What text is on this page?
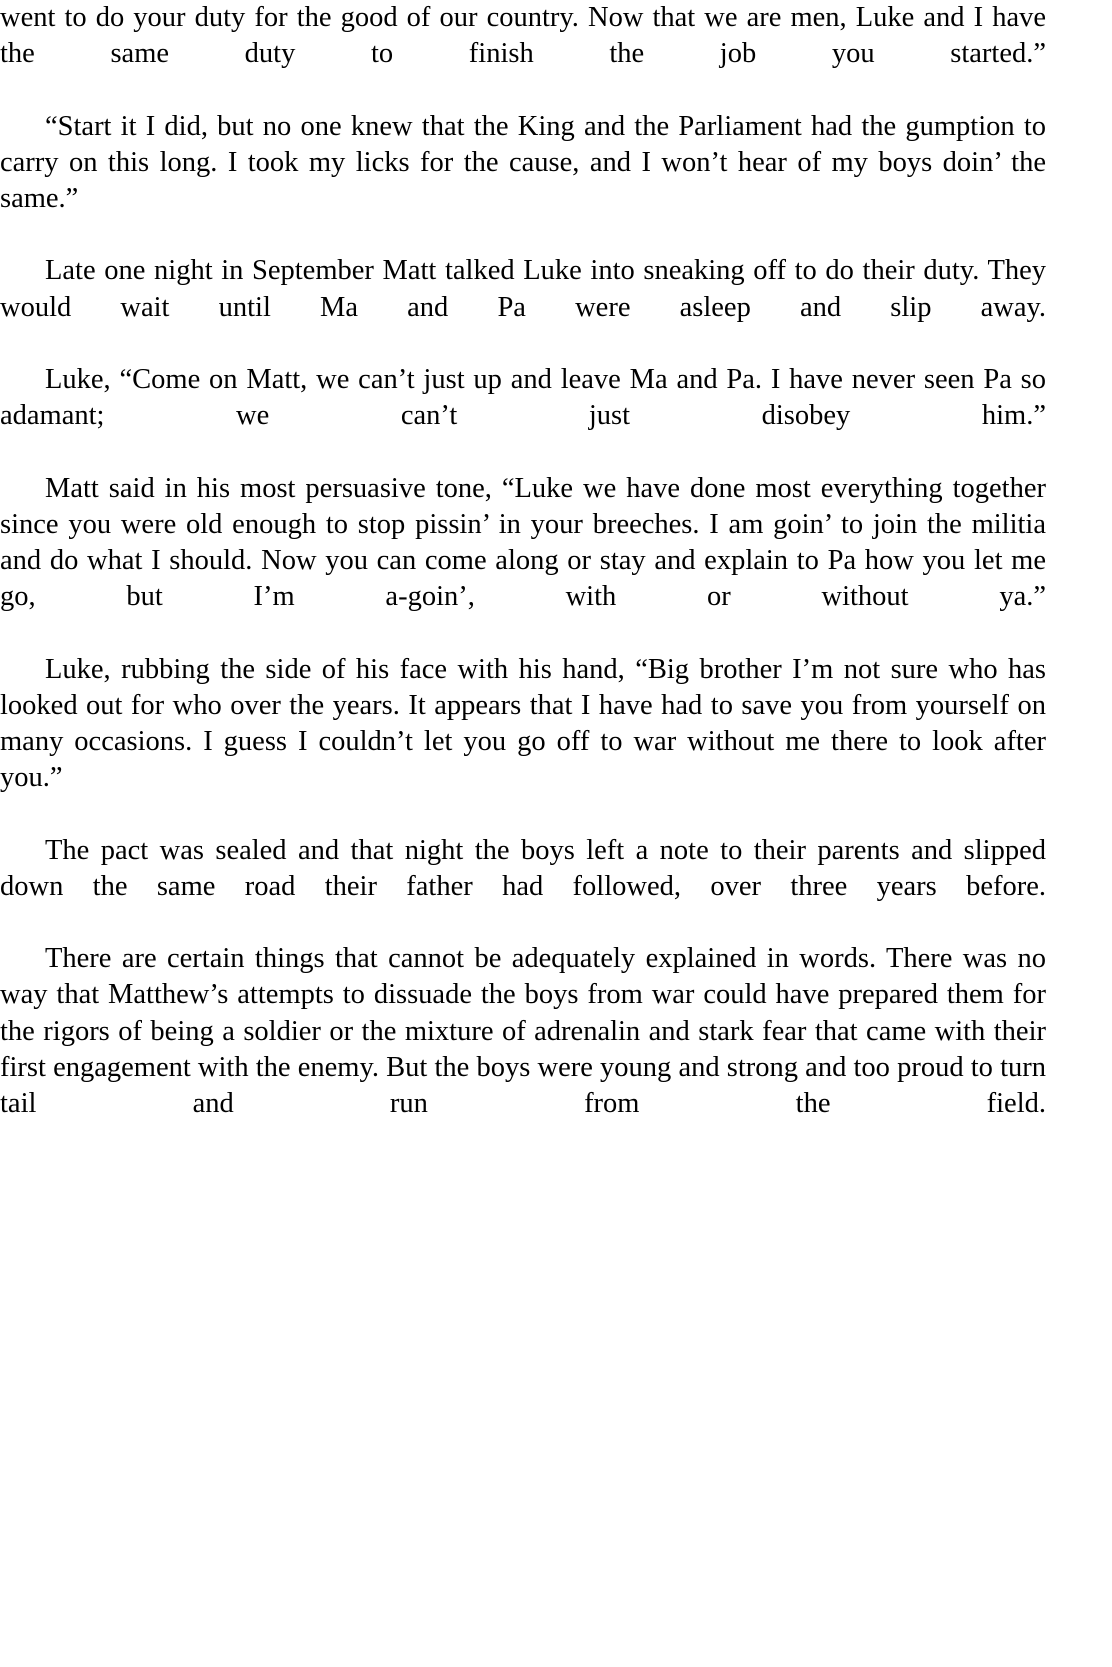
went to do your duty for the good of our country. Now that we are men, Luke and I have the same duty to finish the job you started.”

“Start it I did, but no one knew that the King and the Parliament had the gumption to carry on this long. I took my licks for the cause, and I won’t hear of my boys doin’ the same.”

Late one night in September Matt talked Luke into sneaking off to do their duty. They would wait until Ma and Pa were asleep and slip away.

Luke, “Come on Matt, we can’t just up and leave Ma and Pa. I have never seen Pa so adamant; we can’t just disobey him.”

Matt said in his most persuasive tone, “Luke we have done most everything together since you were old enough to stop pissin’ in your breeches. I am goin’ to join the militia and do what I should. Now you can come along or stay and explain to Pa how you let me go, but I’m a-goin’, with or without ya.”

Luke, rubbing the side of his face with his hand, “Big brother I’m not sure who has looked out for who over the years. It appears that I have had to save you from yourself on many occasions. I guess I couldn’t let you go off to war without me there to look after you.”

The pact was sealed and that night the boys left a note to their parents and slipped down the same road their father had followed, over three years before.

There are certain things that cannot be adequately explained in words. There was no way that Matthew’s attempts to dissuade the boys from war could have prepared them for the rigors of being a soldier or the mixture of adrenalin and stark fear that came with their first engagement with the enemy. But the boys were young and strong and too proud to turn tail and run from the field.
